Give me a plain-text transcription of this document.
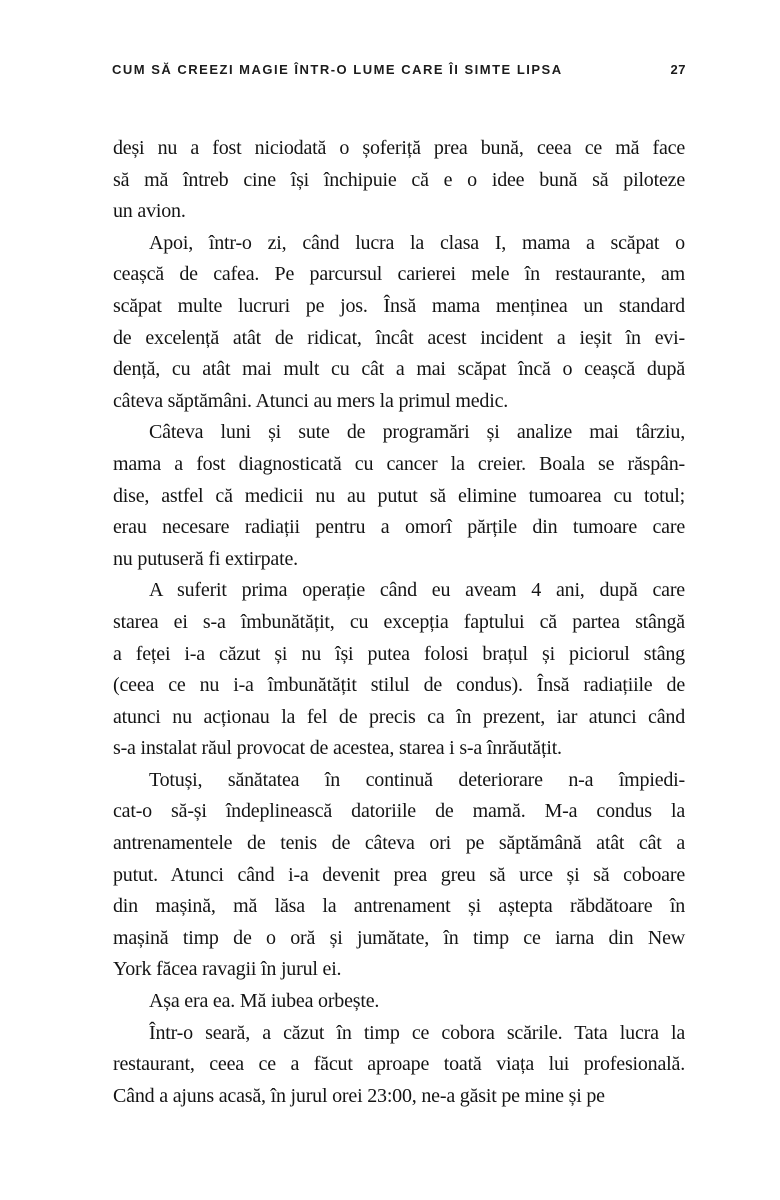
CUM SĂ CREEZI MAGIE ÎNTR-O LUME CARE ÎI SIMTE LIPSA	27
deși nu a fost niciodată o șoferiță prea bună, ceea ce mă face
să mă întreb cine își închipuie că e o idee bună să piloteze
un avion.
Apoi, într-o zi, când lucra la clasa I, mama a scăpat o
ceașcă de cafea. Pe parcursul carierei mele în restaurante, am
scăpat multe lucruri pe jos. Însă mama menținea un standard
de excelență atât de ridicat, încât acest incident a ieșit în evi-
dență, cu atât mai mult cu cât a mai scăpat încă o ceașcă după
câteva săptămâni. Atunci au mers la primul medic.
Câteva luni și sute de programări și analize mai târziu,
mama a fost diagnosticată cu cancer la creier. Boala se răspân-
dise, astfel că medicii nu au putut să elimine tumoarea cu totul;
erau necesare radiații pentru a omorî părțile din tumoare care
nu putuseră fi extirpate.
A suferit prima operație când eu aveam 4 ani, după care
starea ei s-a îmbunătățit, cu excepția faptului că partea stângă
a feței i-a căzut și nu își putea folosi brațul și piciorul stâng
(ceea ce nu i-a îmbunătățit stilul de condus). Însă radiațiile de
atunci nu acționau la fel de precis ca în prezent, iar atunci când
s-a instalat răul provocat de acestea, starea i s-a înrăutățit.
Totuși, sănătatea în continuă deteriorare n-a împiedi-
cat-o să-și îndeplinească datoriile de mamă. M-a condus la
antrenamentele de tenis de câteva ori pe săptămână atât cât a
putut. Atunci când i-a devenit prea greu să urce și să coboare
din mașină, mă lăsa la antrenament și aștepta răbdătoare în
mașină timp de o oră și jumătate, în timp ce iarna din New
York făcea ravagii în jurul ei.
Așa era ea. Mă iubea orbește.
Într-o seară, a căzut în timp ce cobora scările. Tata lucra la
restaurant, ceea ce a făcut aproape toată viața lui profesională.
Când a ajuns acasă, în jurul orei 23:00, ne-a găsit pe mine și pe
